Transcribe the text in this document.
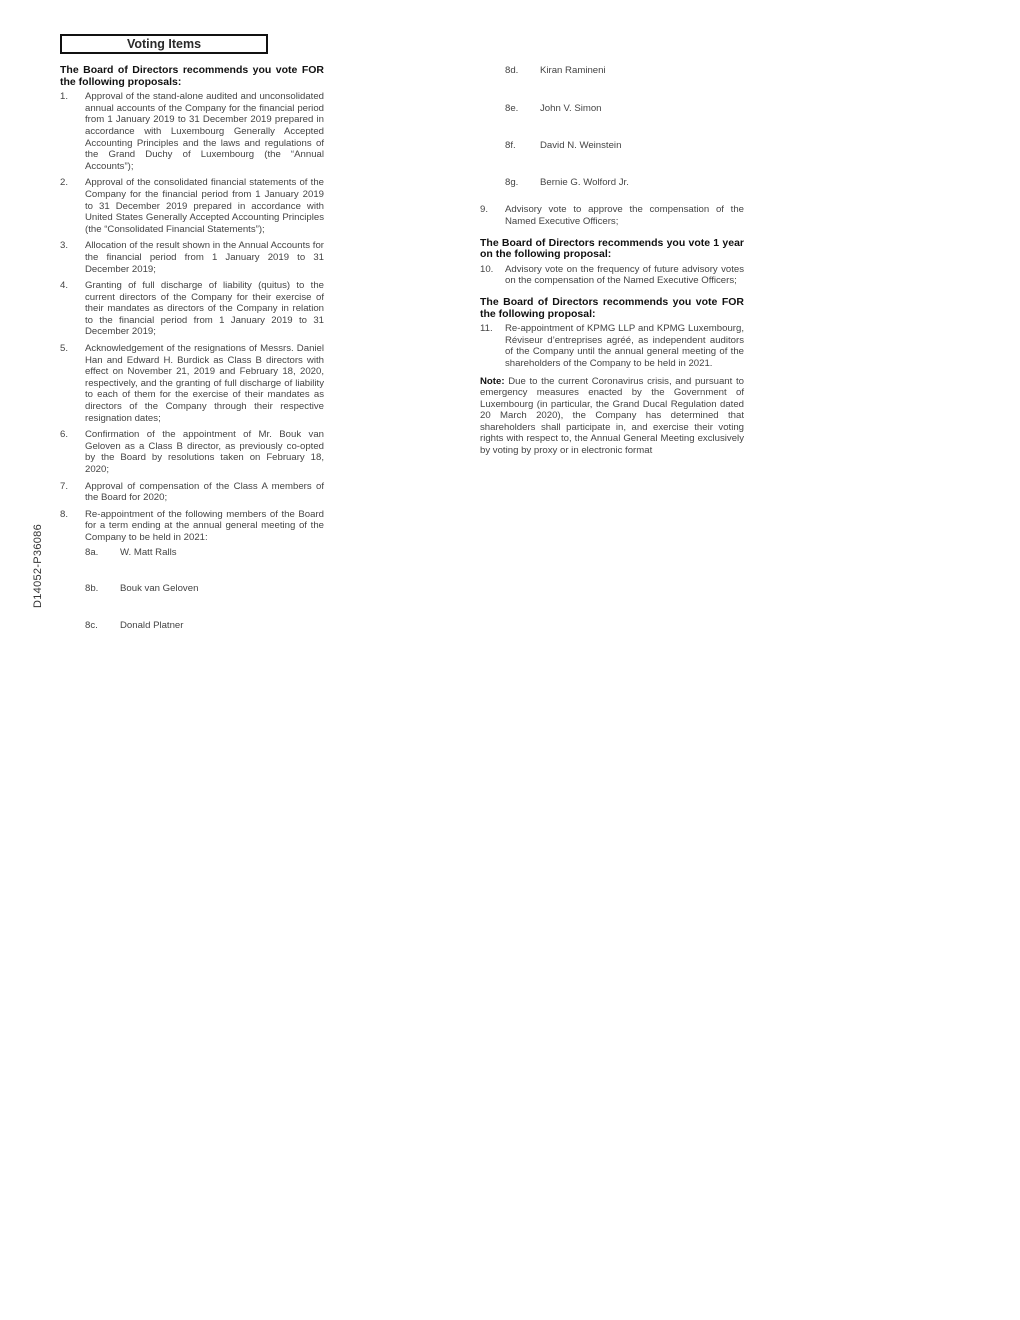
Voting Items
D14052-P36086

The Board of Directors recommends you vote FOR the following proposals:

1.	Approval of the stand-alone audited and unconsolidated annual accounts of the Company for the financial period from 1 January 2019 to 31 December 2019 prepared in accordance with Luxembourg Generally Accepted Accounting Principles and the laws and regulations of the Grand Duchy of Luxembourg (the “Annual Accounts”);
2.	Approval of the consolidated financial statements of the Company for the financial period from 1 January 2019 to 31 December 2019 prepared in accordance with United States Generally Accepted Accounting Principles (the “Consolidated Financial Statements”);
3.	Allocation of the result shown in the Annual Accounts for the financial period from 1 January 2019 to 31 December 2019;
4.	Granting of full discharge of liability (quitus) to the current directors of the Company for their exercise of their mandates as directors of the Company in relation to the financial period from 1 January 2019 to 31 December 2019;
5.	Acknowledgement of the resignations of Messrs. Daniel Han and Edward H. Burdick as Class B directors with effect on November 21, 2019 and February 18, 2020, respectively, and the granting of full discharge of liability to each of them for the exercise of their mandates as directors of the Company through their respective resignation dates;
6.	Confirmation of the appointment of Mr. Bouk van Geloven as a Class B director, as previously co-opted by the Board by resolutions taken on February 18, 2020;
7.	Approval of compensation of the Class A members of the Board for 2020;
8.	Re-appointment of the following members of the Board for a term ending at the annual general meeting of the Company to be held in 2021:
8a.	W. Matt Ralls
8b.	Bouk van Geloven
8c.	Donald Platner
8d.	Kiran Ramineni
8e.	John V. Simon
8f.	David N. Weinstein
8g.	Bernie G. Wolford Jr.
9.	Advisory vote to approve the compensation of the Named Executive Officers;

The Board of Directors recommends you vote 1 year on the following proposal:

10.	Advisory vote on the frequency of future advisory votes on the compensation of the Named Executive Officers;

The Board of Directors recommends you vote FOR the following proposal:

11.	Re-appointment of KPMG LLP and KPMG Luxembourg, Réviseur d’entreprises agréé, as independent auditors of the Company until the annual general meeting of the shareholders of the Company to be held in 2021.

Note: Due to the current Coronavirus crisis, and pursuant to emergency measures enacted by the Government of Luxembourg (in particular, the Grand Ducal Regulation dated 20 March 2020), the Company has determined that shareholders shall participate in, and exercise their voting rights with respect to, the Annual General Meeting exclusively by voting by proxy or in electronic format
